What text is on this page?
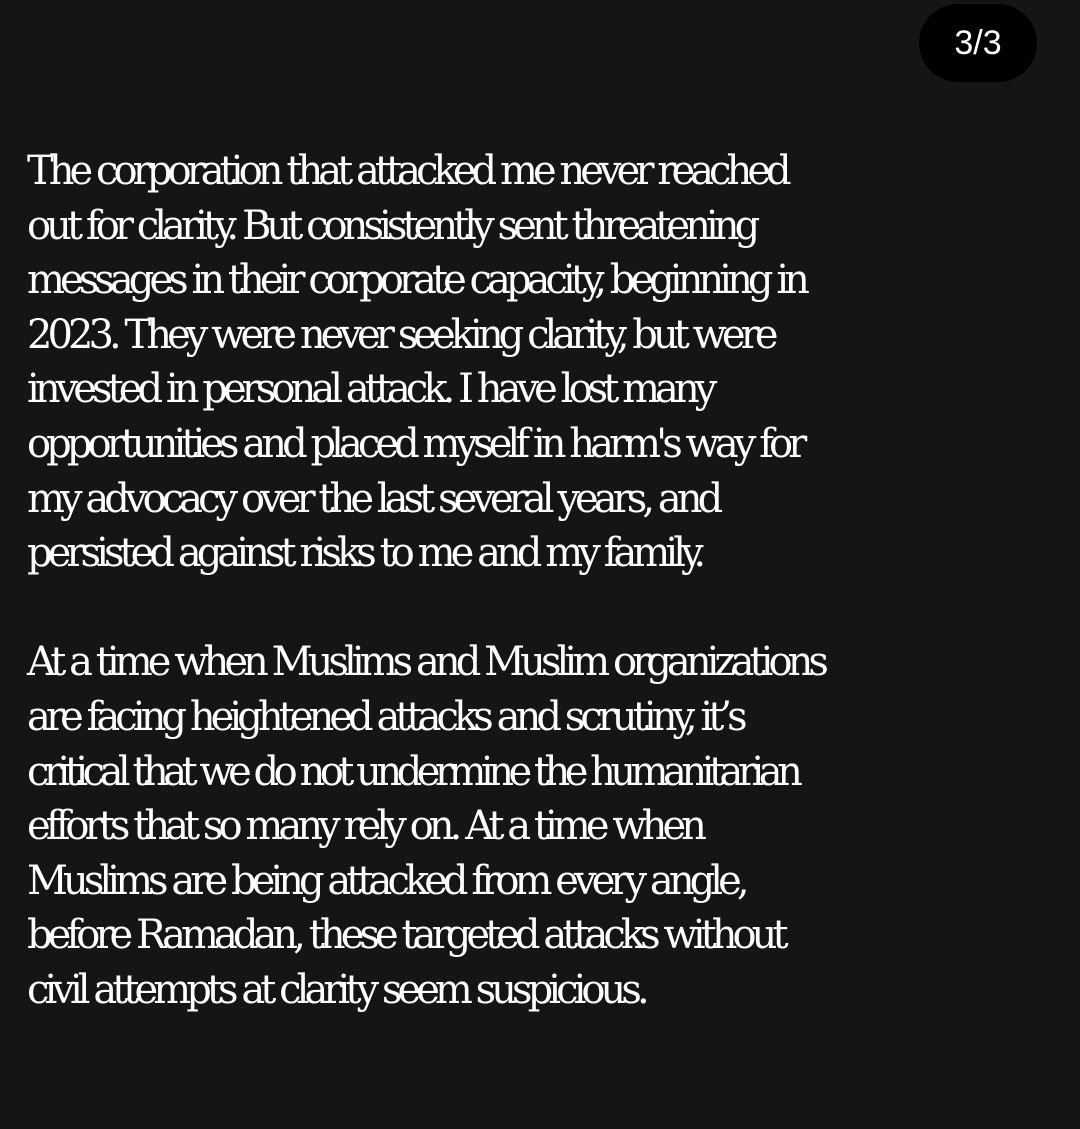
3/3

The corporation that attacked me never reached
out for clarity. But consistently sent threatening
messages in their corporate capacity, beginning in
2023. They were never seeking clarity, but were
invested in personal attack. I have lost many
opportunities and placed myself in harm's way for
my advocacy over the last several years, and
persisted against risks to me and my family.

At a time when Muslims and Muslim organizations
are facing heightened attacks and scrutiny, it’s
critical that we do not undermine the humanitarian
efforts that so many rely on. At a time when
Muslims are being attacked from every angle,
before Ramadan, these targeted attacks without
civil attempts at clarity seem suspicious.
